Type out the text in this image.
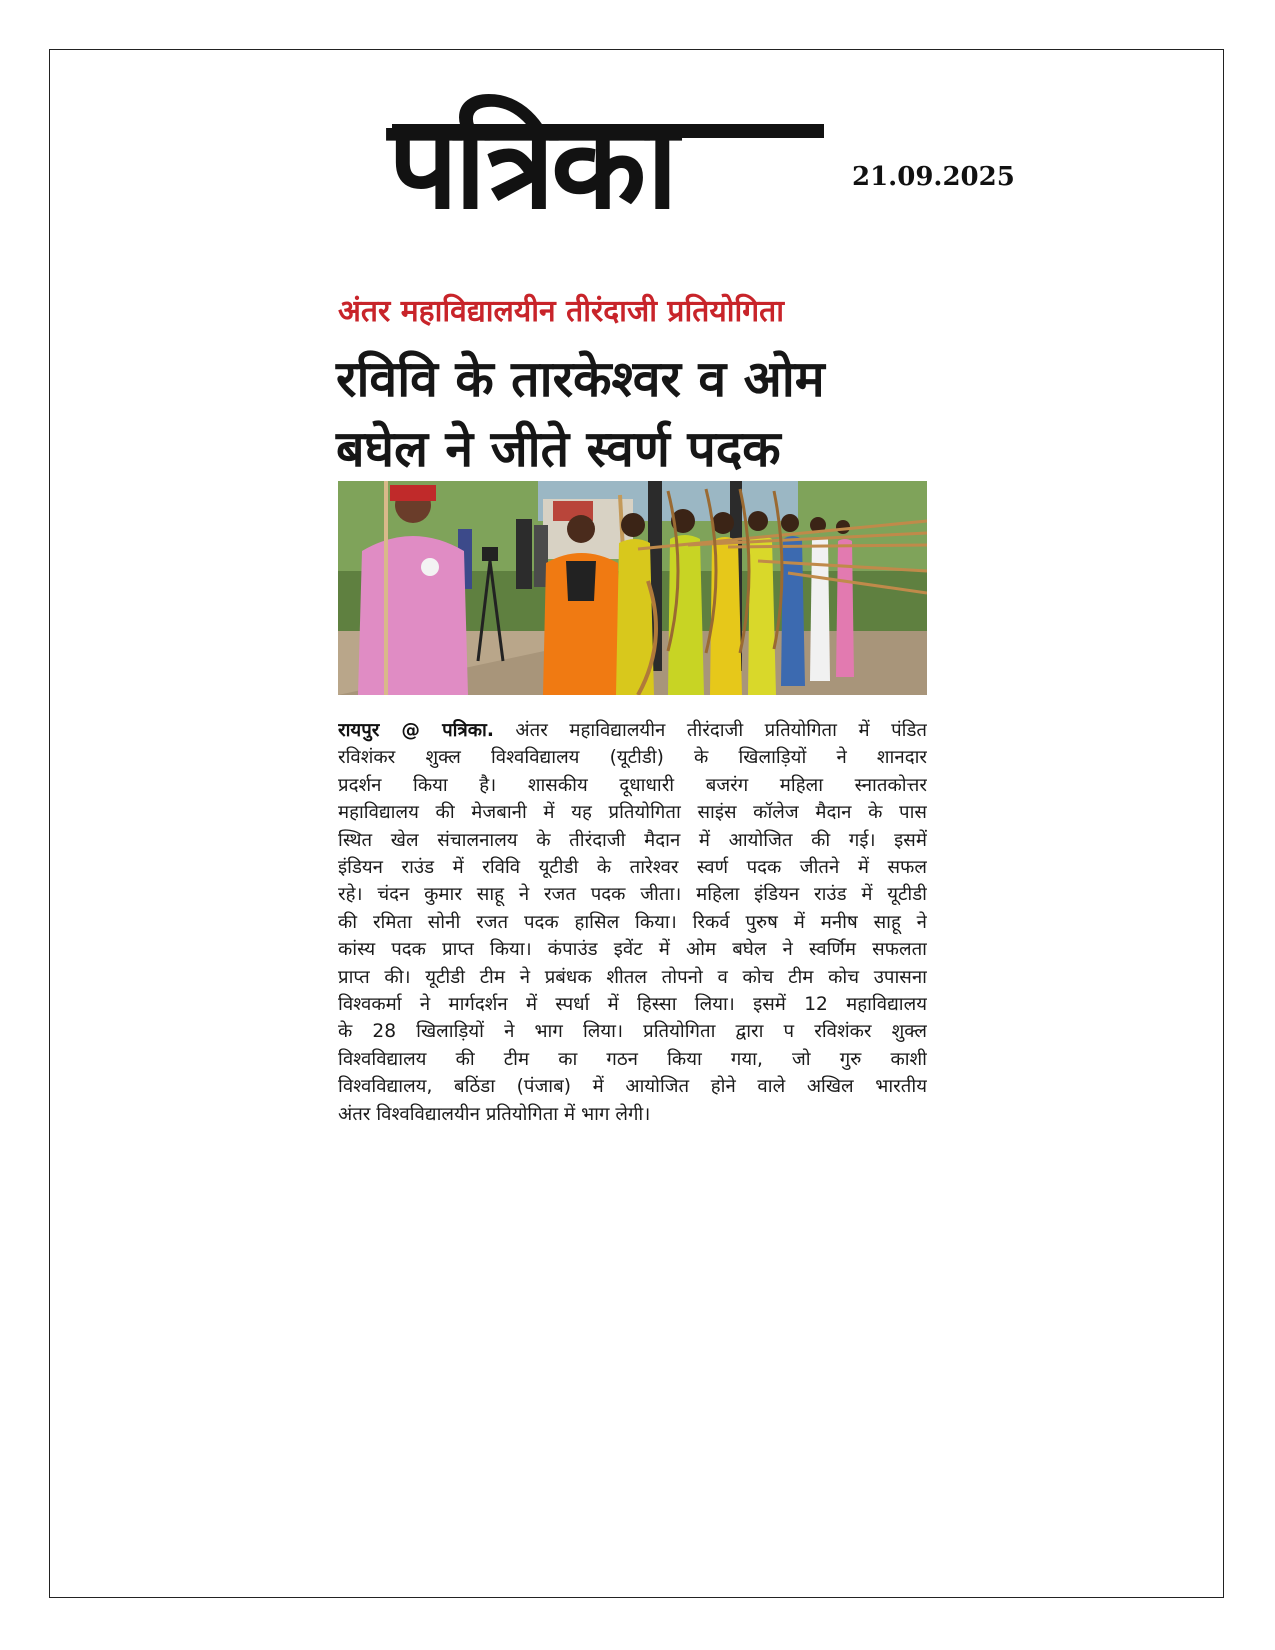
पत्रिका	21.09.2025
अंतर महाविद्यालयीन तीरंदाजी प्रतियोगिता
रविवि के तारकेश्वर व ओम
बघेल ने जीते स्वर्ण पदक
रायपुर @ पत्रिका. अंतर महाविद्यालयीन तीरंदाजी प्रतियोगिता में पंडित
रविशंकर शुक्ल विश्वविद्यालय (यूटीडी) के खिलाड़ियों ने शानदार
प्रदर्शन किया है। शासकीय दूधाधारी बजरंग महिला स्नातकोत्तर
महाविद्यालय की मेजबानी में यह प्रतियोगिता साइंस कॉलेज मैदान के पास
स्थित खेल संचालनालय के तीरंदाजी मैदान में आयोजित की गई। इसमें
इंडियन राउंड में रविवि यूटीडी के तारेश्वर स्वर्ण पदक जीतने में सफल
रहे। चंदन कुमार साहू ने रजत पदक जीता। महिला इंडियन राउंड में यूटीडी
की रमिता सोनी रजत पदक हासिल किया। रिकर्व पुरुष में मनीष साहू ने
कांस्य पदक प्राप्त किया। कंपाउंड इवेंट में ओम बघेल ने स्वर्णिम सफलता
प्राप्त की। यूटीडी टीम ने प्रबंधक शीतल तोपनो व कोच टीम कोच उपासना
विश्वकर्मा ने मार्गदर्शन में स्पर्धा में हिस्सा लिया। इसमें 12 महाविद्यालय
के 28 खिलाड़ियों ने भाग लिया। प्रतियोगिता द्वारा प रविशंकर शुक्ल
विश्वविद्यालय की टीम का गठन किया गया, जो गुरु काशी
विश्वविद्यालय, बठिंडा (पंजाब) में आयोजित होने वाले अखिल भारतीय
अंतर विश्वविद्यालयीन प्रतियोगिता में भाग लेगी।
